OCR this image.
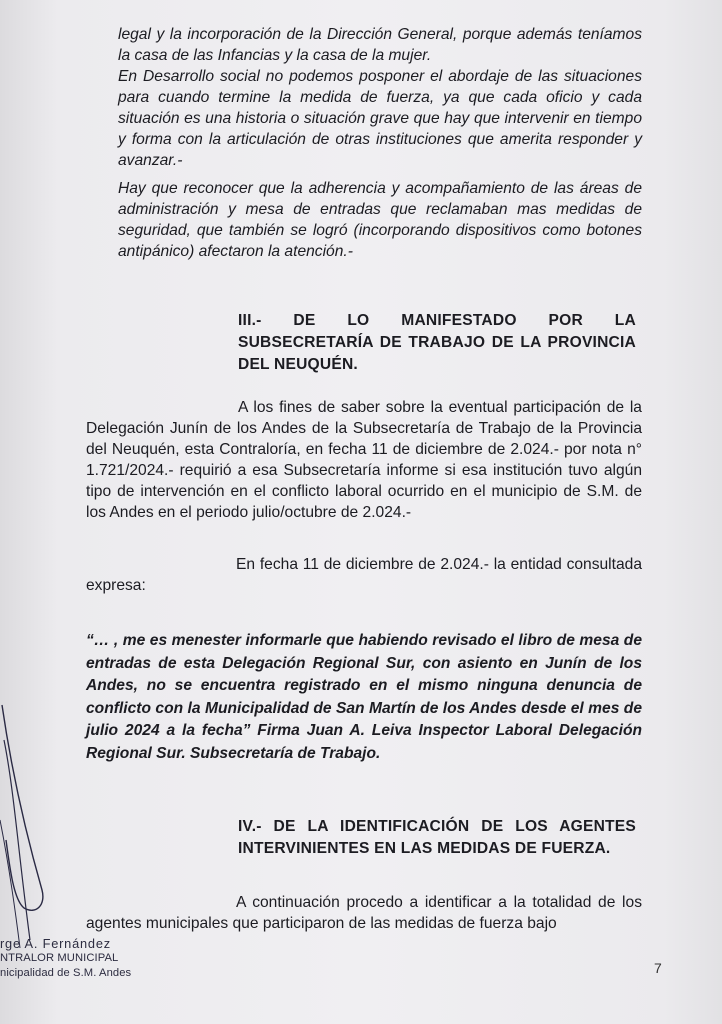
legal y la incorporación de la Dirección General, porque además teníamos la casa de las Infancias y la casa de la mujer.

En Desarrollo social no podemos posponer el abordaje de las situaciones para cuando termine la medida de fuerza, ya que cada oficio y cada situación es una historia o situación grave que hay que intervenir en tiempo y forma con la articulación de otras instituciones que amerita responder y avanzar.-

Hay que reconocer que la adherencia y acompañamiento de las áreas de administración y mesa de entradas que reclamaban mas medidas de seguridad, que también se logró (incorporando dispositivos como botones antipánico) afectaron la atención.-

III.- DE LO MANIFESTADO POR LA SUBSECRETARÍA DE TRABAJO DE LA PROVINCIA DEL NEUQUÉN.

A los fines de saber sobre la eventual participación de la Delegación Junín de los Andes de la Subsecretaría de Trabajo de la Provincia del Neuquén, esta Contraloría, en fecha 11 de diciembre de 2.024.- por nota n° 1.721/2024.- requirió a esa Subsecretaría informe si esa institución tuvo algún tipo de intervención en el conflicto laboral ocurrido en el municipio de S.M. de los Andes en el periodo julio/octubre de 2.024.-

En fecha 11 de diciembre de 2.024.- la entidad consultada expresa:

“… , me es menester informarle que habiendo revisado el libro de mesa de entradas de esta Delegación Regional Sur, con asiento en Junín de los Andes, no se encuentra registrado en el mismo ninguna denuncia de conflicto con la Municipalidad de San Martín de los Andes desde el mes de julio 2024 a la fecha” Firma Juan A. Leiva Inspector Laboral Delegación Regional Sur. Subsecretaría de Trabajo.

IV.- DE LA IDENTIFICACIÓN DE LOS AGENTES INTERVINIENTES EN LAS MEDIDAS DE FUERZA.

A continuación procedo a identificar a la totalidad de los agentes municipales que participaron de las medidas de fuerza bajo

rge A. Fernández
NTRALOR MUNICIPAL
nicipalidad de S.M. Andes	7
